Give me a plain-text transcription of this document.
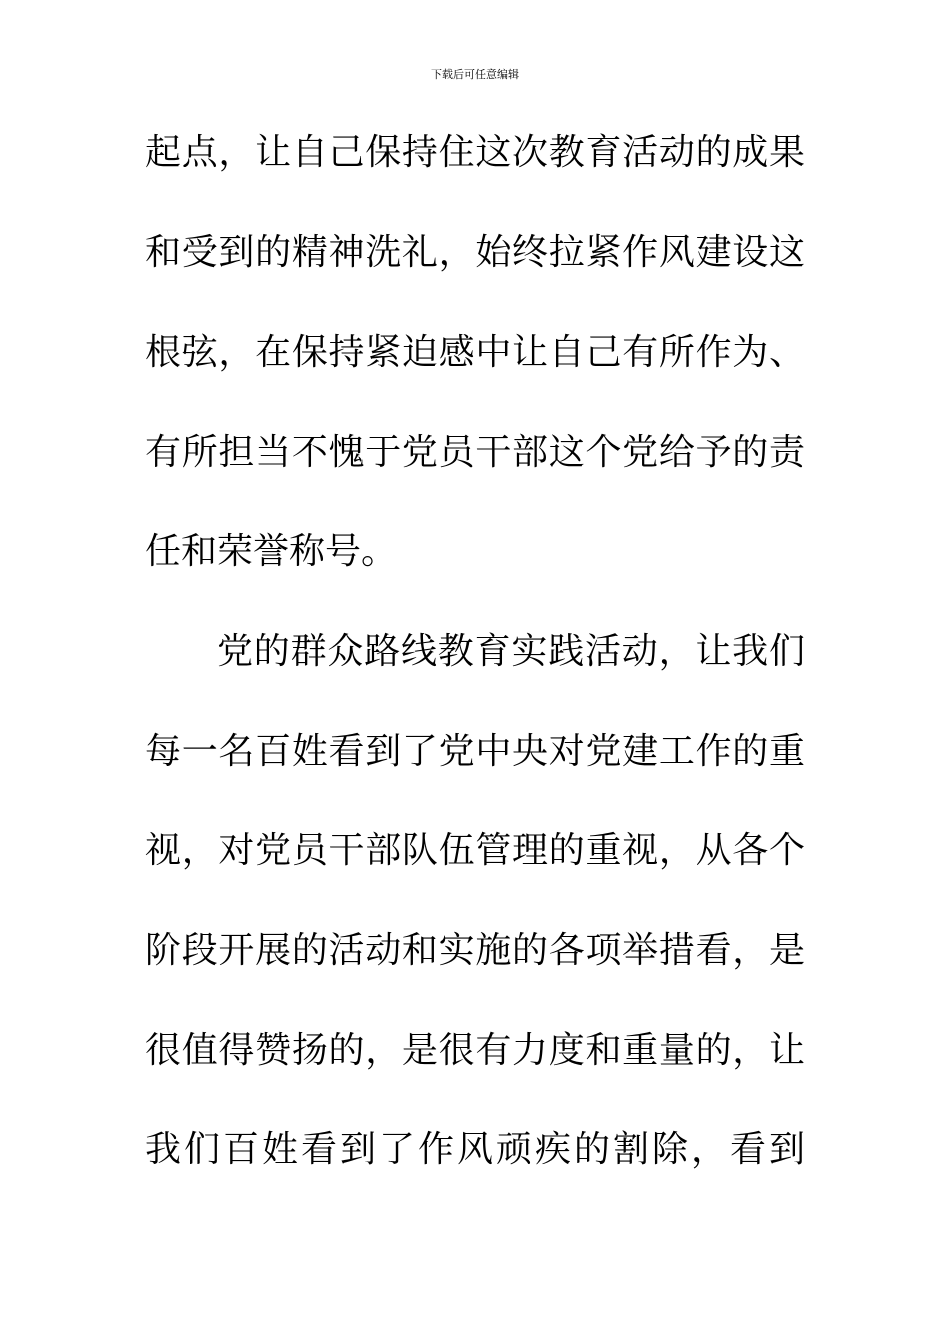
下载后可任意编辑
起点，让自己保持住这次教育活动的成果
和受到的精神洗礼，始终拉紧作风建设这
根弦，在保持紧迫感中让自己有所作为、
有所担当不愧于党员干部这个党给予的责
任和荣誉称号。
党的群众路线教育实践活动，让我们
每一名百姓看到了党中央对党建工作的重
视，对党员干部队伍管理的重视，从各个
阶段开展的活动和实施的各项举措看，是
很值得赞扬的，是很有力度和重量的，让
我们百姓看到了作风顽疾的割除，看到
